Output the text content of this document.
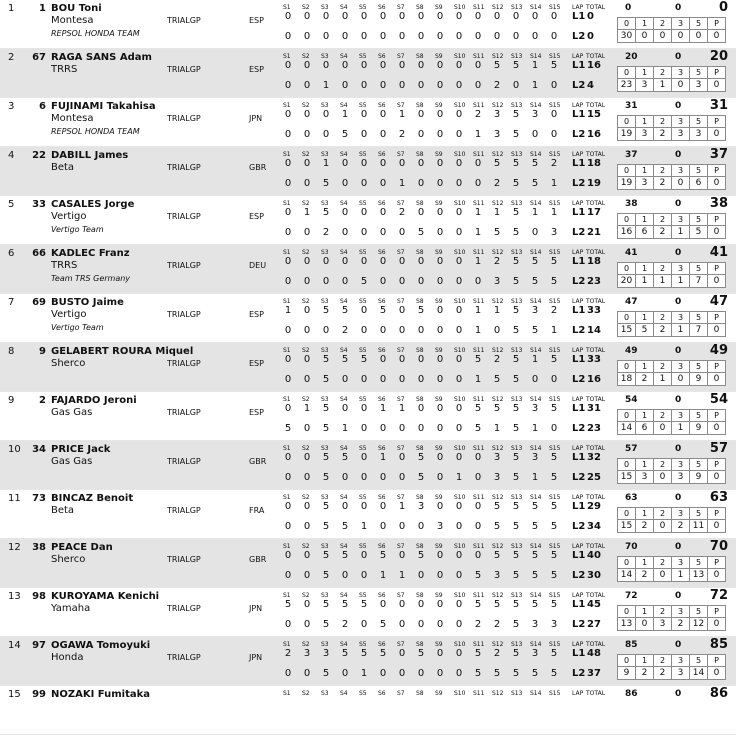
1	1 BOU Toni
Montesa
REPSOL HONDA TEAM
TRIALGP	ESP
S1 S2 S3 S4 S5 S6 S7 S8 S9 S10 S11 S12 S13 S14 S15 LAP TOTAL
0 0 0 0 0 0 0 0 0 0 0 0 0 0 0 L1 0
0 0 0 0 0 0 0 0 0 0 0 0 0 0 0 L2 0
0	0	0
0	1	2	3	5	P
30	0	0	0	0	0
2	67 RAGA SANS Adam
TRRS	TRIALGP	ESP
S1 S2 S3 S4 S5 S6 S7 S8 S9 S10 S11 S12 S13 S14 S15 LAP TOTAL
0 0 0 0 0 0 0 0 0 0 0 5 5 1 5 L1 16
0 0 1 0 0 0 0 0 0 0 0 2 0 1 0 L2 4
20	0 20
0	1	2	3	5	P
23	3	1	0	3	0
3	6 FUJINAMI Takahisa
Montesa
REPSOL HONDA TEAM
TRIALGP	JPN
S1 S2 S3 S4 S5 S6 S7 S8 S9 S10 S11 S12 S13 S14 S15 LAP TOTAL
0 0 0 1 0 0 1 0 0 0 2 3 5 3 0 L1 15
0 0 0 5 0 0 2 0 0 0 1 3 5 0 0 L2 16
31	0 31
0	1	2	3	5	P
19	3	2	3	3	0
4	22 DABILL James
Beta	TRIALGP	GBR
S1 S2 S3 S4 S5 S6 S7 S8 S9 S10 S11 S12 S13 S14 S15 LAP TOTAL
0 0 1 0 0 0 0 0 0 0 0 5 5 5 2 L1 18
0 0 5 0 0 0 1 0 0 0 0 2 5 5 1 L2 19
37	0 37
0	1	2	3	5	P
19	3	2	0	6	0
5	33 CASALES Jorge
Vertigo
Vertigo Team
TRIALGP	ESP
S1 S2 S3 S4 S5 S6 S7 S8 S9 S10 S11 S12 S13 S14 S15 LAP TOTAL
0 1 5 0 0 0 2 0 0 0 1 1 5 1 1 L1 17
0 0 2 0 0 0 0 5 0 0 1 5 5 0 3 L2 21
38	0 38
0	1	2	3	5	P
16	6	2	1	5	0
6	66 KADLEC Franz
TRRS
Team TRS Germany
TRIALGP	DEU
S1 S2 S3 S4 S5 S6 S7 S8 S9 S10 S11 S12 S13 S14 S15 LAP TOTAL
0 0 0 0 0 0 0 0 0 0 1 2 5 5 5 L1 18
0 0 0 0 5 0 0 0 0 0 0 3 5 5 5 L2 23
41	0 41
0	1	2	3	5	P
20	1	1	1	7	0
7	69 BUSTO Jaime
Vertigo
Vertigo Team
TRIALGP	ESP
S1 S2 S3 S4 S5 S6 S7 S8 S9 S10 S11 S12 S13 S14 S15 LAP TOTAL
1 0 5 5 0 5 0 5 0 0 1 1 5 3 2 L1 33
0 0 0 2 0 0 0 0 0 0 1 0 5 5 1 L2 14
47	0 47
0	1	2	3	5	P
15	5	2	1	7	0
8	9 GELABERT ROURA Miquel
Sherco	TRIALGP	ESP
S1 S2 S3 S4 S5 S6 S7 S8 S9 S10 S11 S12 S13 S14 S15 LAP TOTAL
0 0 5 5 5 0 0 0 0 0 5 2 5 1 5 L1 33
0 0 5 0 0 0 0 0 0 0 1 5 5 0 0 L2 16
49	0 49
0	1	2	3	5	P
18	2	1	0	9	0
9	2 FAJARDO Jeroni
Gas Gas	TRIALGP	ESP
S1 S2 S3 S4 S5 S6 S7 S8 S9 S10 S11 S12 S13 S14 S15 LAP TOTAL
0 1 5 0 0 1 1 0 0 0 5 5 5 3 5 L1 31
5 0 5 1 0 0 0 0 0 0 5 1 5 1 0 L2 23
54	0 54
0	1	2	3	5	P
14	6	0	1	9	0
10	34 PRICE Jack
Gas Gas	TRIALGP	GBR
S1 S2 S3 S4 S5 S6 S7 S8 S9 S10 S11 S12 S13 S14 S15 LAP TOTAL
0 0 5 5 0 1 0 5 0 0 0 3 5 3 5 L1 32
0 0 5 0 0 0 0 5 0 1 0 3 5 1 5 L2 25
57	0 57
0	1	2	3	5	P
15	3	0	3	9	0
11	73 BINCAZ Benoit
Beta	TRIALGP	FRA
S1 S2 S3 S4 S5 S6 S7 S8 S9 S10 S11 S12 S13 S14 S15 LAP TOTAL
0 0 5 0 0 0 1 3 0 0 0 5 5 5 5 L1 29
0 0 5 5 1 0 0 0 3 0 0 5 5 5 5 L2 34
63	0 63
0	1	2	3	5	P
15	2	0	2	11	0
12	38 PEACE Dan
Sherco	TRIALGP	GBR
S1 S2 S3 S4 S5 S6 S7 S8 S9 S10 S11 S12 S13 S14 S15 LAP TOTAL
0 0 5 5 0 5 0 5 0 0 0 5 5 5 5 L1 40
0 0 5 0 0 1 1 0 0 0 5 3 5 5 5 L2 30
70	0 70
0	1	2	3	5	P
14	2	0	1	13	0
13	98 KUROYAMA Kenichi
Yamaha	TRIALGP	JPN
S1 S2 S3 S4 S5 S6 S7 S8 S9 S10 S11 S12 S13 S14 S15 LAP TOTAL
5 0 5 5 5 0 0 0 0 0 5 5 5 5 5 L1 45
0 0 5 2 0 5 0 0 0 0 2 2 5 3 3 L2 27
72	0 72
0	1	2	3	5	P
13	0	3	2	12	0
14	97 OGAWA Tomoyuki
Honda	TRIALGP	JPN
S1 S2 S3 S4 S5 S6 S7 S8 S9 S10 S11 S12 S13 S14 S15 LAP TOTAL
2 3 3 5 5 5 0 5 0 0 5 2 5 3 5 L1 48
0 0 5 0 1 0 0 0 0 0 5 5 5 5 5 L2 37
85	0 85
0	1	2	3	5	P
9	2	2	3	14	0
15	99 NOZAKI Fumitaka	S1 S2 S3 S4 S5 S6 S7 S8 S9 S10 S11 S12 S13 S14 S15 LAP TOTAL 86	0 86
